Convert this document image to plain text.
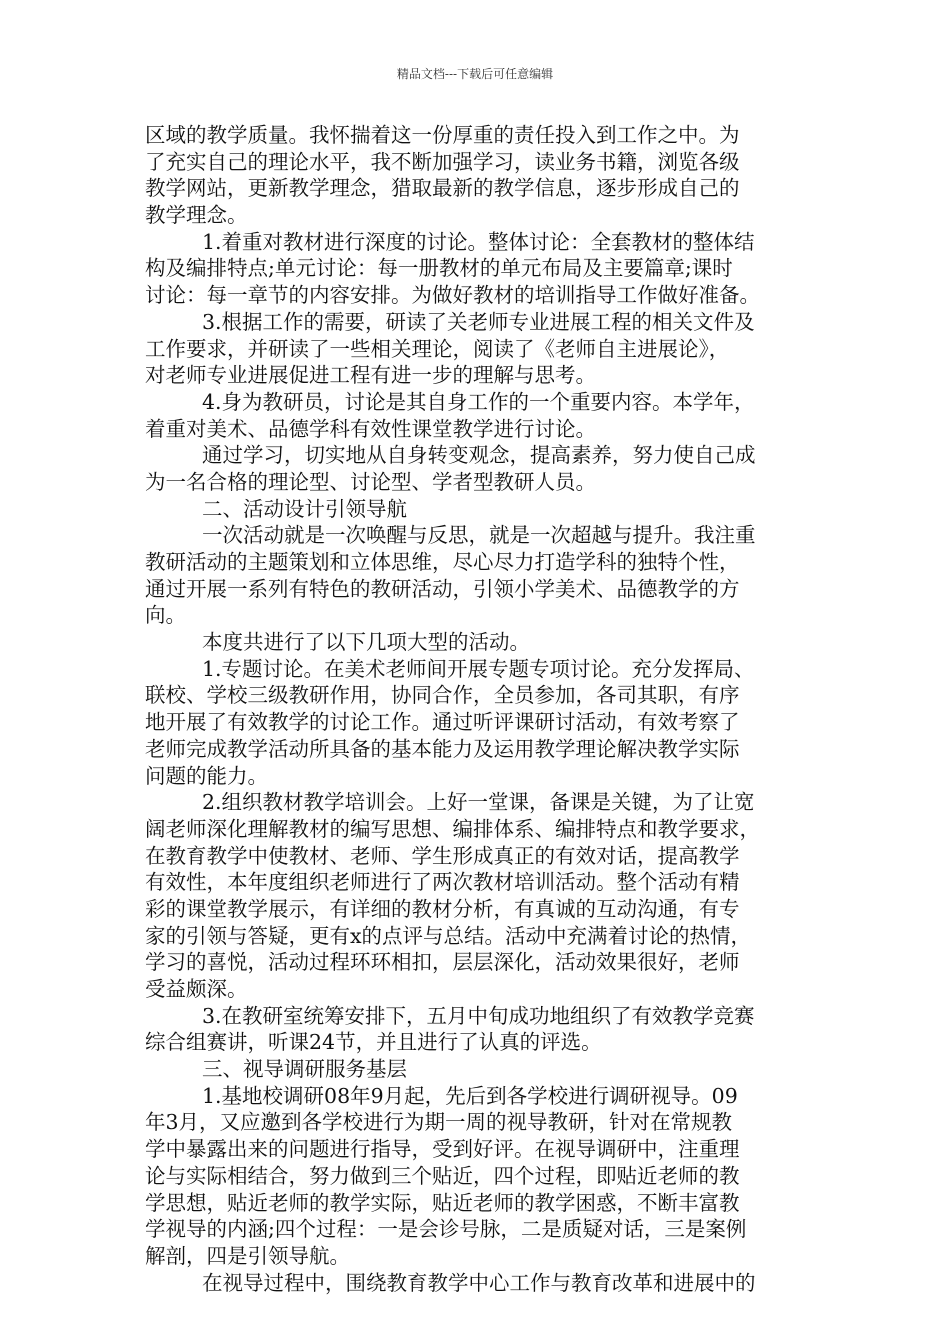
精品文档---下载后可任意编辑
区域的教学质量。我怀揣着这一份厚重的责任投入到工作之中。为
了充实自己的理论水平，我不断加强学习，读业务书籍，浏览各级
教学网站，更新教学理念，猎取最新的教学信息，逐步形成自己的
教学理念。
1.着重对教材进行深度的讨论。整体讨论：全套教材的整体结
构及编排特点;单元讨论：每一册教材的单元布局及主要篇章;课时
讨论：每一章节的内容安排。为做好教材的培训指导工作做好准备。
3.根据工作的需要，研读了关老师专业进展工程的相关文件及
工作要求，并研读了一些相关理论，阅读了《老师自主进展论》，
对老师专业进展促进工程有进一步的理解与思考。
4.身为教研员，讨论是其自身工作的一个重要内容。本学年，
着重对美术、品德学科有效性课堂教学进行讨论。
通过学习，切实地从自身转变观念，提高素养，努力使自己成
为一名合格的理论型、讨论型、学者型教研人员。
二、活动设计引领导航
一次活动就是一次唤醒与反思，就是一次超越与提升。我注重
教研活动的主题策划和立体思维，尽心尽力打造学科的独特个性，
通过开展一系列有特色的教研活动，引领小学美术、品德教学的方
向。
本度共进行了以下几项大型的活动。
1.专题讨论。在美术老师间开展专题专项讨论。充分发挥局、
联校、学校三级教研作用，协同合作，全员参加，各司其职，有序
地开展了有效教学的讨论工作。通过听评课研讨活动，有效考察了
老师完成教学活动所具备的基本能力及运用教学理论解决教学实际
问题的能力。
2.组织教材教学培训会。上好一堂课，备课是关键，为了让宽
阔老师深化理解教材的编写思想、编排体系、编排特点和教学要求，
在教育教学中使教材、老师、学生形成真正的有效对话，提高教学
有效性，本年度组织老师进行了两次教材培训活动。整个活动有精
彩的课堂教学展示，有详细的教材分析，有真诚的互动沟通，有专
家的引领与答疑，更有x的点评与总结。活动中充满着讨论的热情，
学习的喜悦，活动过程环环相扣，层层深化，活动效果很好，老师
受益颇深。
3.在教研室统筹安排下，五月中旬成功地组织了有效教学竞赛
综合组赛讲，听课24节，并且进行了认真的评选。
三、视导调研服务基层
1.基地校调研08年9月起，先后到各学校进行调研视导。09
年3月，又应邀到各学校进行为期一周的视导教研，针对在常规教
学中暴露出来的问题进行指导，受到好评。在视导调研中，注重理
论与实际相结合，努力做到三个贴近，四个过程，即贴近老师的教
学思想，贴近老师的教学实际，贴近老师的教学困惑，不断丰富教
学视导的内涵;四个过程：一是会诊号脉，二是质疑对话，三是案例
解剖，四是引领导航。
在视导过程中，围绕教育教学中心工作与教育改革和进展中的
